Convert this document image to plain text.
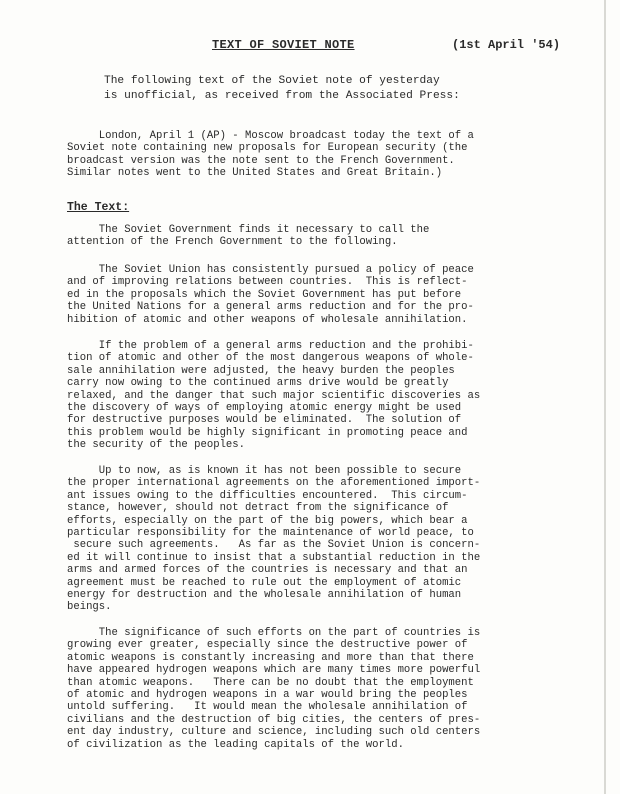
TEXT OF SOVIET NOTE	(1st April '54)
The following text of the Soviet note of yesterday
is unofficial, as received from the Associated Press:
London, April 1 (AP) - Moscow broadcast today the text of a
Soviet note containing new proposals for European security (the
broadcast version was the note sent to the French Government.
Similar notes went to the United States and Great Britain.)
The Text:
The Soviet Government finds it necessary to call the
attention of the French Government to the following.
The Soviet Union has consistently pursued a policy of peace
and of improving relations between countries.  This is reflect-
ed in the proposals which the Soviet Government has put before
the United Nations for a general arms reduction and for the pro-
hibition of atomic and other weapons of wholesale annihilation.
If the problem of a general arms reduction and the prohibi-
tion of atomic and other of the most dangerous weapons of whole-
sale annihilation were adjusted, the heavy burden the peoples
carry now owing to the continued arms drive would be greatly
relaxed, and the danger that such major scientific discoveries as
the discovery of ways of employing atomic energy might be used
for destructive purposes would be eliminated.  The solution of
this problem would be highly significant in promoting peace and
the security of the peoples.
Up to now, as is known it has not been possible to secure
the proper international agreements on the aforementioned import-
ant issues owing to the difficulties encountered.  This circum-
stance, however, should not detract from the significance of
efforts, especially on the part of the big powers, which bear a
particular responsibility for the maintenance of world peace, to
secure such agreements.   As far as the Soviet Union is concern-
ed it will continue to insist that a substantial reduction in the
arms and armed forces of the countries is necessary and that an
agreement must be reached to rule out the employment of atomic
energy for destruction and the wholesale annihilation of human
beings.
The significance of such efforts on the part of countries is
growing ever greater, especially since the destructive power of
atomic weapons is constantly increasing and more than that there
have appeared hydrogen weapons which are many times more powerful
than atomic weapons.   There can be no doubt that the employment
of atomic and hydrogen weapons in a war would bring the peoples
untold suffering.   It would mean the wholesale annihilation of
civilians and the destruction of big cities, the centers of pres-
ent day industry, culture and science, including such old centers
of civilization as the leading capitals of the world.
